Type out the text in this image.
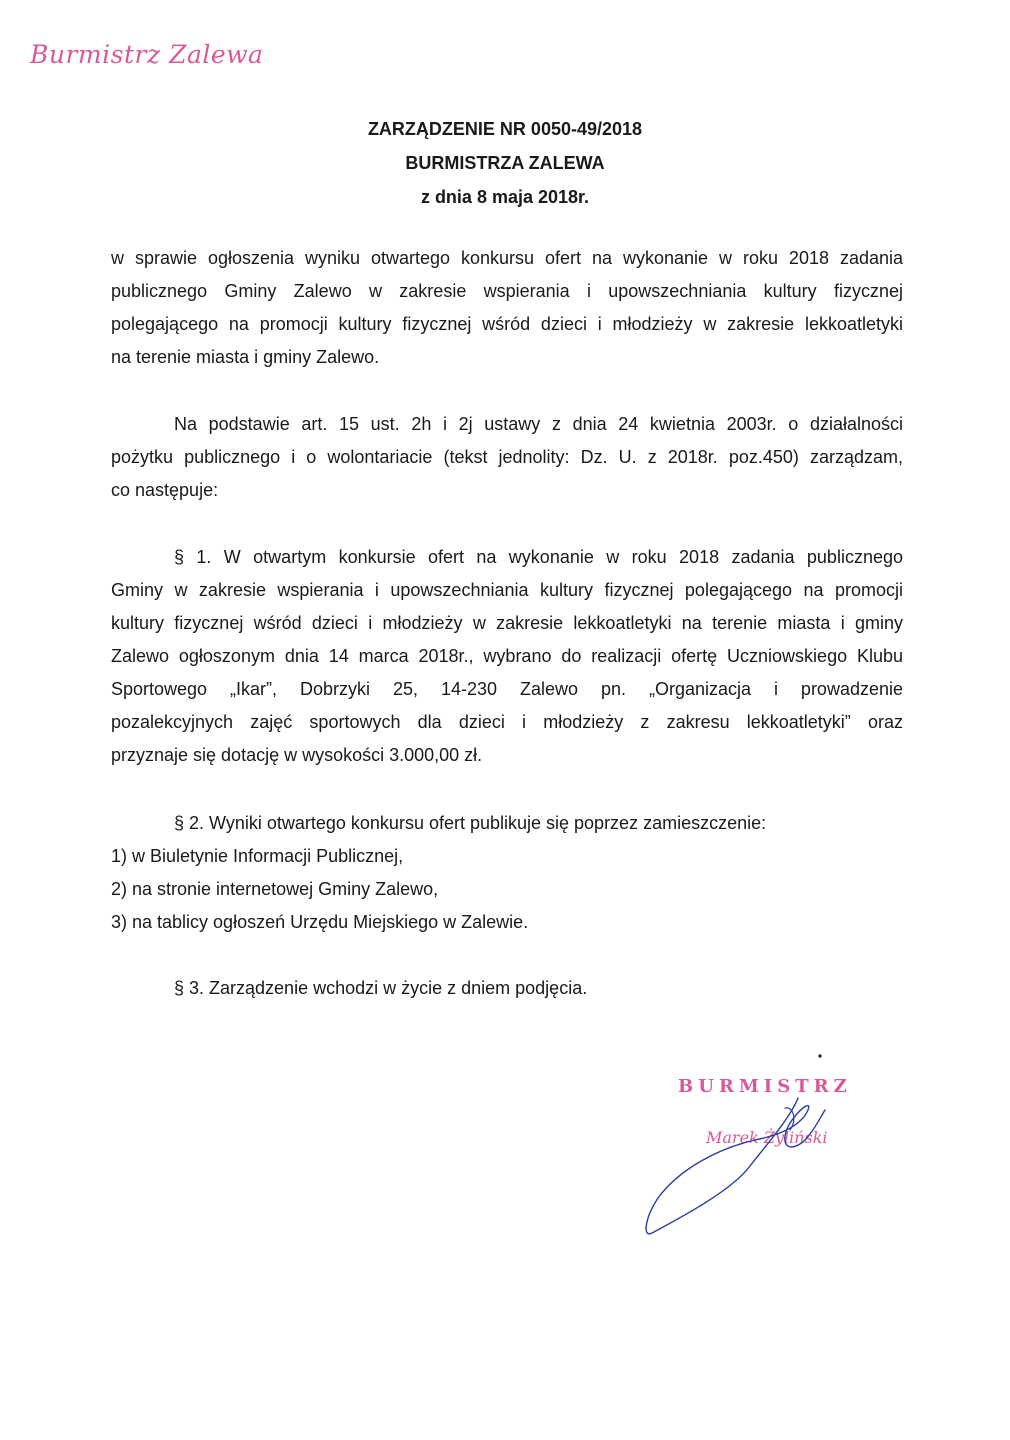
Burmistrz Zalewa

ZARZĄDZENIE NR 0050-49/2018

BURMISTRZA ZALEWA

z dnia 8 maja 2018r.

w sprawie ogłoszenia wyniku otwartego konkursu ofert na wykonanie w roku 2018 zadania
publicznego Gminy Zalewo w zakresie wspierania i upowszechniania kultury fizycznej
polegającego na promocji kultury fizycznej wśród dzieci i młodzieży w zakresie lekkoatletyki
na terenie miasta i gminy Zalewo.
Na podstawie art. 15 ust. 2h i 2j ustawy z dnia 24 kwietnia 2003r. o działalności
pożytku publicznego i o wolontariacie (tekst jednolity: Dz. U. z 2018r. poz.450) zarządzam,
co następuje:
§ 1. W otwartym konkursie ofert na wykonanie w roku 2018 zadania publicznego
Gminy w zakresie wspierania i upowszechniania kultury fizycznej polegającego na promocji
kultury fizycznej wśród dzieci i młodzieży w zakresie lekkoatletyki na terenie miasta i gminy
Zalewo ogłoszonym dnia 14 marca 2018r., wybrano do realizacji ofertę Uczniowskiego Klubu
Sportowego „Ikar”, Dobrzyki 25, 14-230 Zalewo pn. „Organizacja i prowadzenie
pozalekcyjnych zajęć sportowych dla dzieci i młodzieży z zakresu lekkoatletyki” oraz
przyznaje się dotację w wysokości 3.000,00 zł.
§ 2. Wyniki otwartego konkursu ofert publikuje się poprzez zamieszczenie:
1) w Biuletynie Informacji Publicznej,
2) na stronie internetowej Gminy Zalewo,
3) na tablicy ogłoszeń Urzędu Miejskiego w Zalewie.
§ 3. Zarządzenie wchodzi w życie z dniem podjęcia.

BURMISTRZ

Marek Żyliński
